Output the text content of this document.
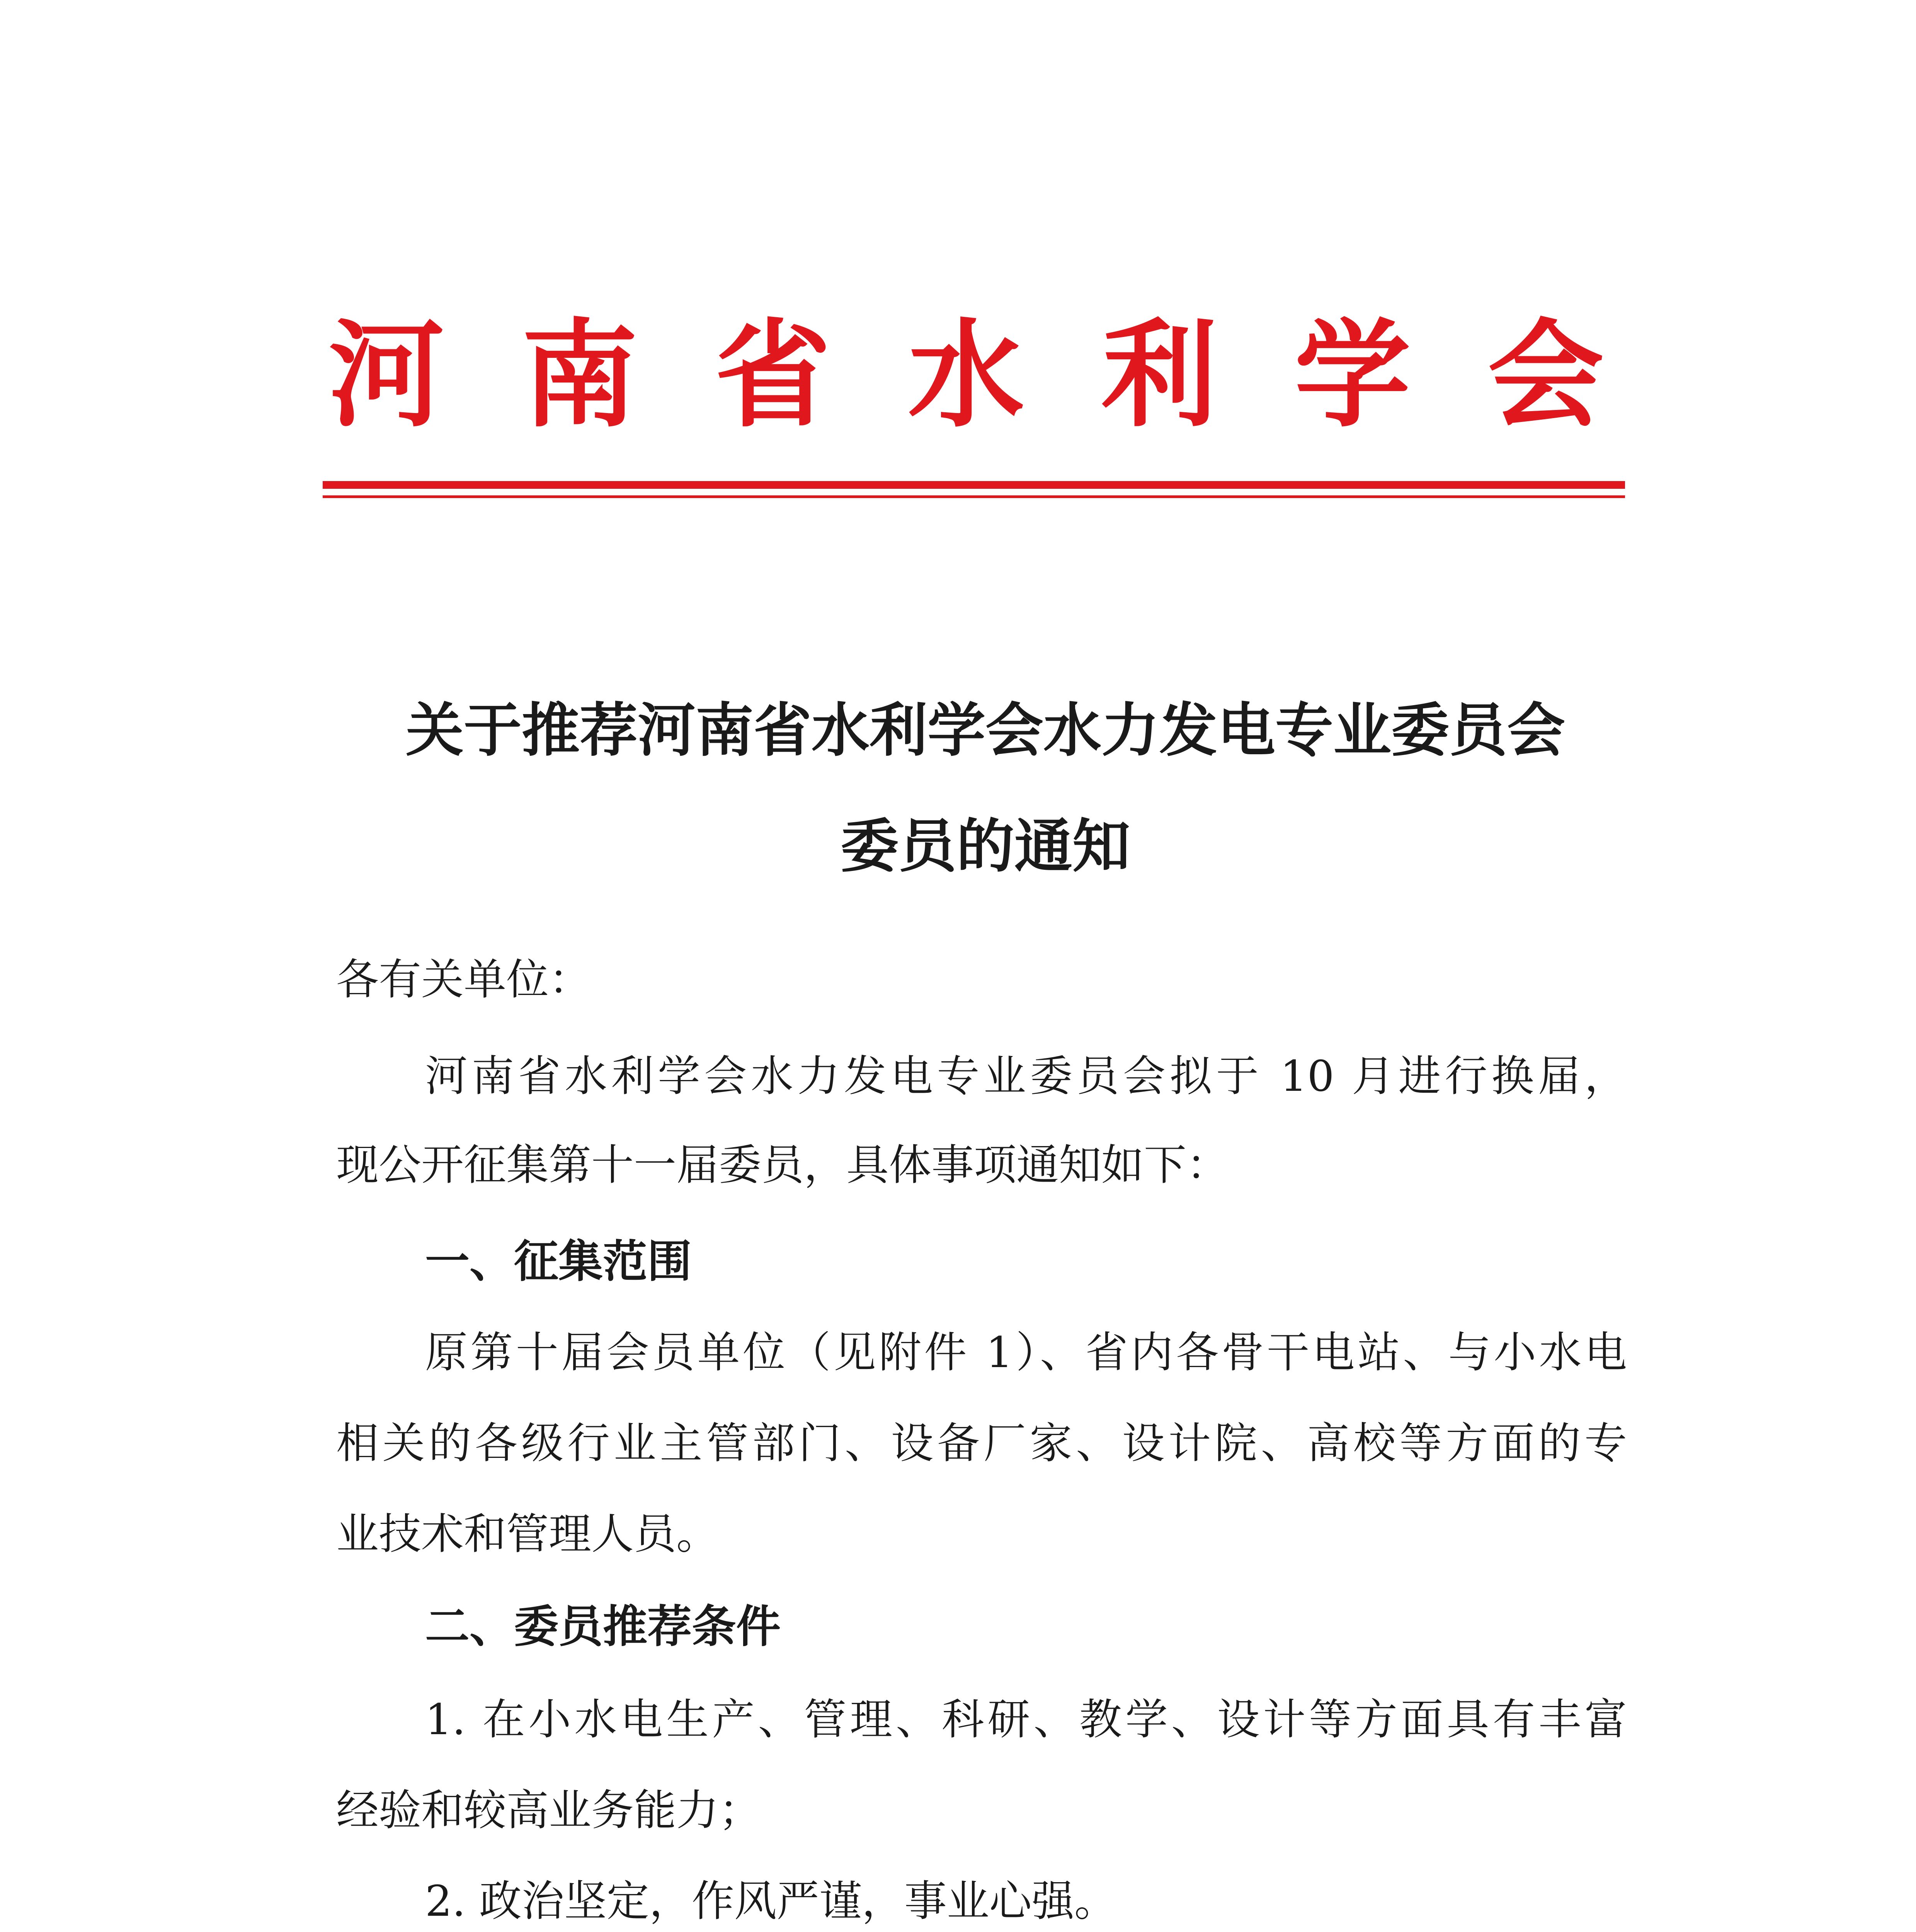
河南省水利学会
关于推荐河南省水利学会水力发电专业委员会
委员的通知
各有关单位：
河南省水利学会水力发电专业委员会拟于 10 月进行换届，
现公开征集第十一届委员，具体事项通知如下：
一、征集范围
原第十届会员单位（见附件 1）、省内各骨干电站、与小水电
相关的各级行业主管部门、设备厂家、设计院、高校等方面的专
业技术和管理人员。
二、委员推荐条件
1. 在小水电生产、管理、科研、教学、设计等方面具有丰富
经验和较高业务能力；
2. 政治坚定，作风严谨，事业心强。
